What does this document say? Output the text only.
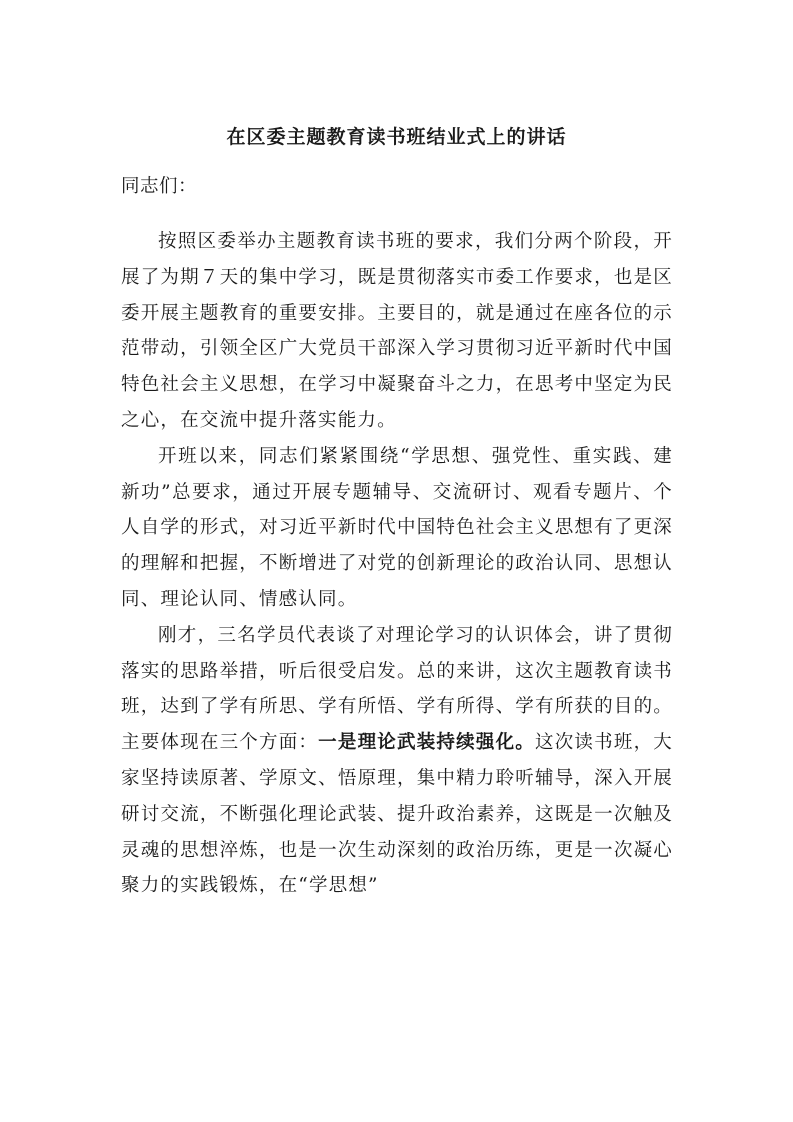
在区委主题教育读书班结业式上的讲话
同志们：

按照区委举办主题教育读书班的要求，我们分两个阶段，开展了为期７天的集中学习，既是贯彻落实市委工作要求，也是区委开展主题教育的重要安排。主要目的，就是通过在座各位的示范带动，引领全区广大党员干部深入学习贯彻习近平新时代中国特色社会主义思想，在学习中凝聚奋斗之力，在思考中坚定为民之心，在交流中提升落实能力。

开班以来，同志们紧紧围绕“学思想、强党性、重实践、建新功”总要求，通过开展专题辅导、交流研讨、观看专题片、个人自学的形式，对习近平新时代中国特色社会主义思想有了更深的理解和把握，不断增进了对党的创新理论的政治认同、思想认同、理论认同、情感认同。

刚才，三名学员代表谈了对理论学习的认识体会，讲了贯彻落实的思路举措，听后很受启发。总的来讲，这次主题教育读书班，达到了学有所思、学有所悟、学有所得、学有所获的目的。主要体现在三个方面：一是理论武装持续强化。这次读书班，大家坚持读原著、学原文、悟原理，集中精力聆听辅导，深入开展研讨交流，不断强化理论武装、提升政治素养，这既是一次触及灵魂的思想淬炼，也是一次生动深刻的政治历练，更是一次凝心聚力的实践锻炼，在“学思想”
